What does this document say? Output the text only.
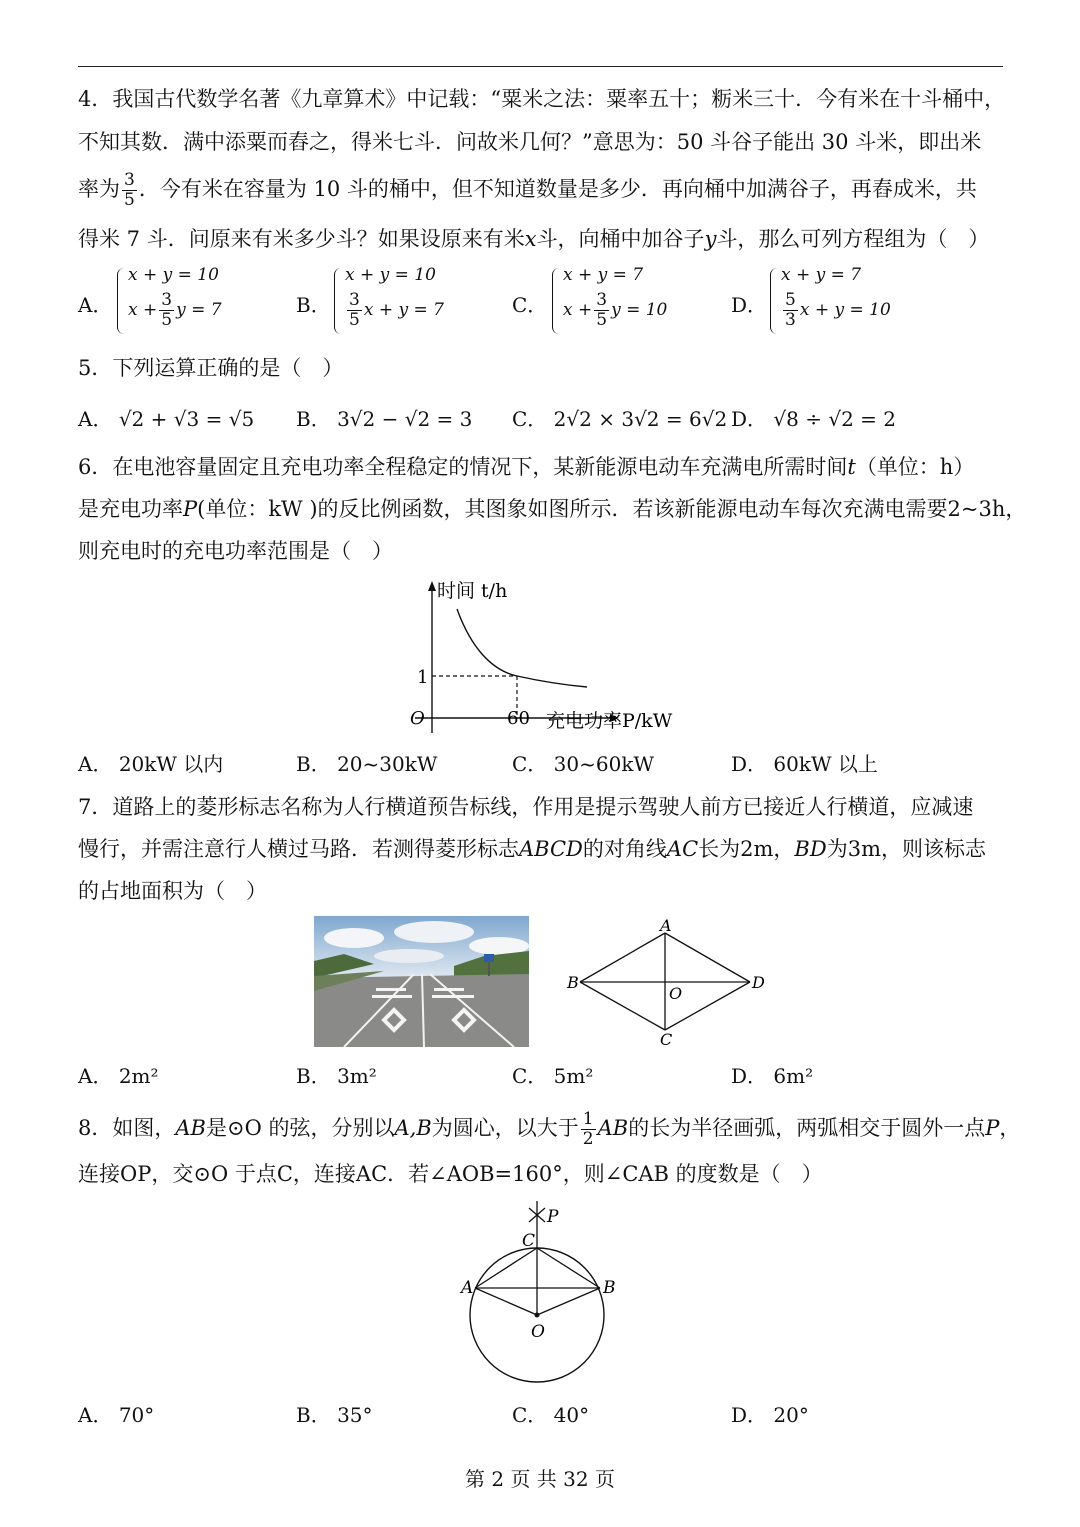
4．我国古代数学名著《九章算术》中记载：“粟米之法：粟率五十；粝米三十．今有米在十斗桶中，
不知其数．满中添粟而舂之，得米七斗．问故米几何？”意思为：50 斗谷子能出 30 斗米，即出米
率为 $\frac{3}{5}$ ．今有米在容量为 10 斗的桶中，但不知道数量是多少．再向桶中加满谷子，再舂成米，共
得米 7 斗．问原来有米多少斗？如果设原来有米x斗，向桶中加谷子y斗，那么可列方程组为（　）
A．
x + y = 10
$x + \frac{3}{5}$ y = 7	B．
x + y = 10
$\frac{3}{5}$ x + y = 7	C．
x + y = 7
$x + \frac{3}{5}$ y = 10	D．
x + y = 7
$\frac{5}{3}$ x + y = 10
5．下列运算正确的是（　）
A． √2 + √3 = √5 B． 3√2 − √2 = 3 C． 2√2 × 3√2 = 6√2 D． √8 ÷ √2 = 2
6．在电池容量固定且充电功率全程稳定的情况下，某新能源电动车充满电所需时间t（单位：h）
是充电功率P(单位：kW )的反比例函数，其图象如图所示．若该新能源电动车每次充满电需要2~3h，
则充电时的充电功率范围是（　）
时间 t/h
充电功率P/kW
O	60
1
A． 20kW 以内	B． 20~30kW	C． 30~60kW	D． 60kW 以上
7．道路上的菱形标志名称为人行横道预告标线，作用是提示驾驶人前方已接近人行横道，应减速
慢行，并需注意行人横过马路．若测得菱形标志ABCD的对角线AC长为2m，BD为3m，则该标志
的占地面积为（　）
A
B	D
C
O
A． 2m²	B． 3m²	C． 5m²	D． 6m²
8．如图，AB是⊙O 的弦，分别以A,B为圆心，以大于 $\frac{1}{2}$ AB的长为半径画弧，两弧相交于圆外一点P，
连接OP，交⊙O 于点C，连接AC．若∠AOB=160°，则∠CAB 的度数是（　）
P
C
A	B
O
A． 70°	B． 35°	C． 40°	D． 20°
第 2 页 共 32 页
